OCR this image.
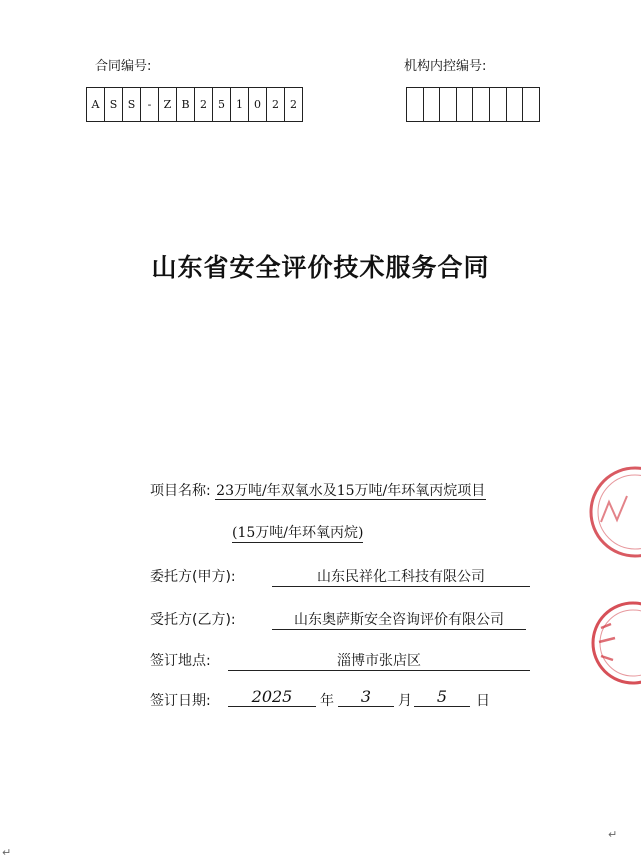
合同编号:	机构内控编号:
A S S	-	Z B 2	5	1	0	2	2
山东省安全评价技术服务合同
项目名称: 23万吨/年双氧水及15万吨/年环氧丙烷项目
(15万吨/年环氧丙烷)
委托方(甲方):	山东民祥化工科技有限公司
受托方(乙方):	山东奥萨斯安全咨询评价有限公司
签订地点:	淄博市张店区
签订日期:	2025	年	3	月	5	日
↵
↵
